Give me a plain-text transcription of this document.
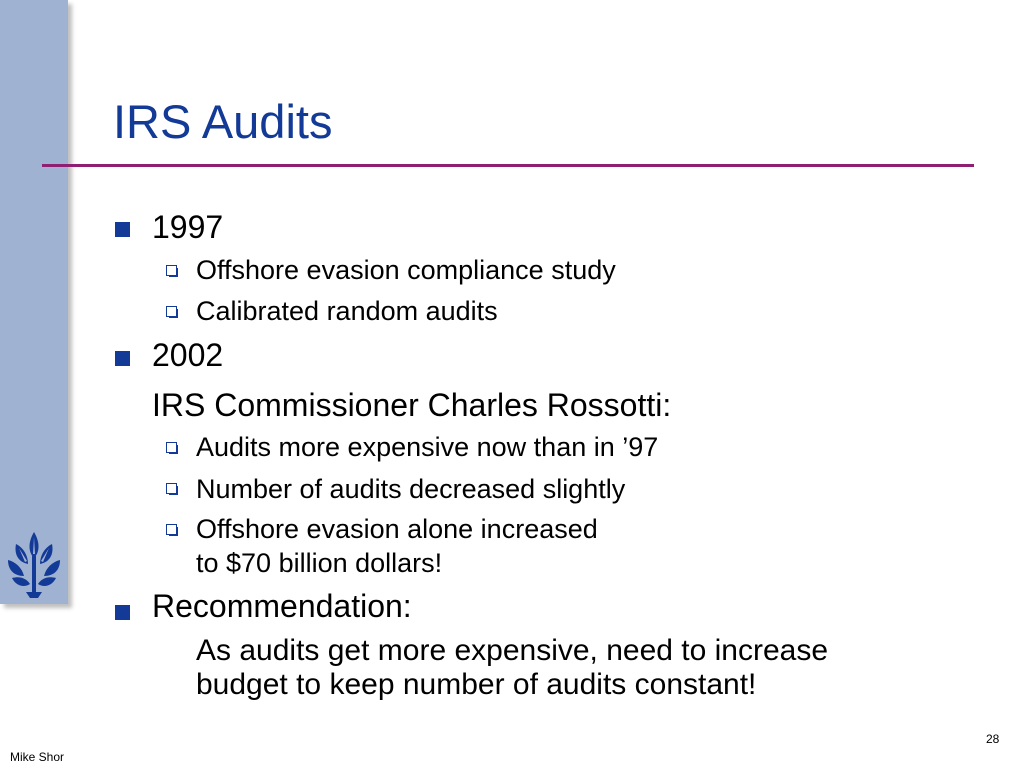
IRS Audits
1997
Offshore evasion compliance study
Calibrated random audits
2002
IRS Commissioner Charles Rossotti:
Audits more expensive now than in ’97
Number of audits decreased slightly
Offshore evasion alone increased
to $70 billion dollars!
Recommendation:
As audits get more expensive, need to increase
budget to keep number of audits constant!
Mike Shor
28
